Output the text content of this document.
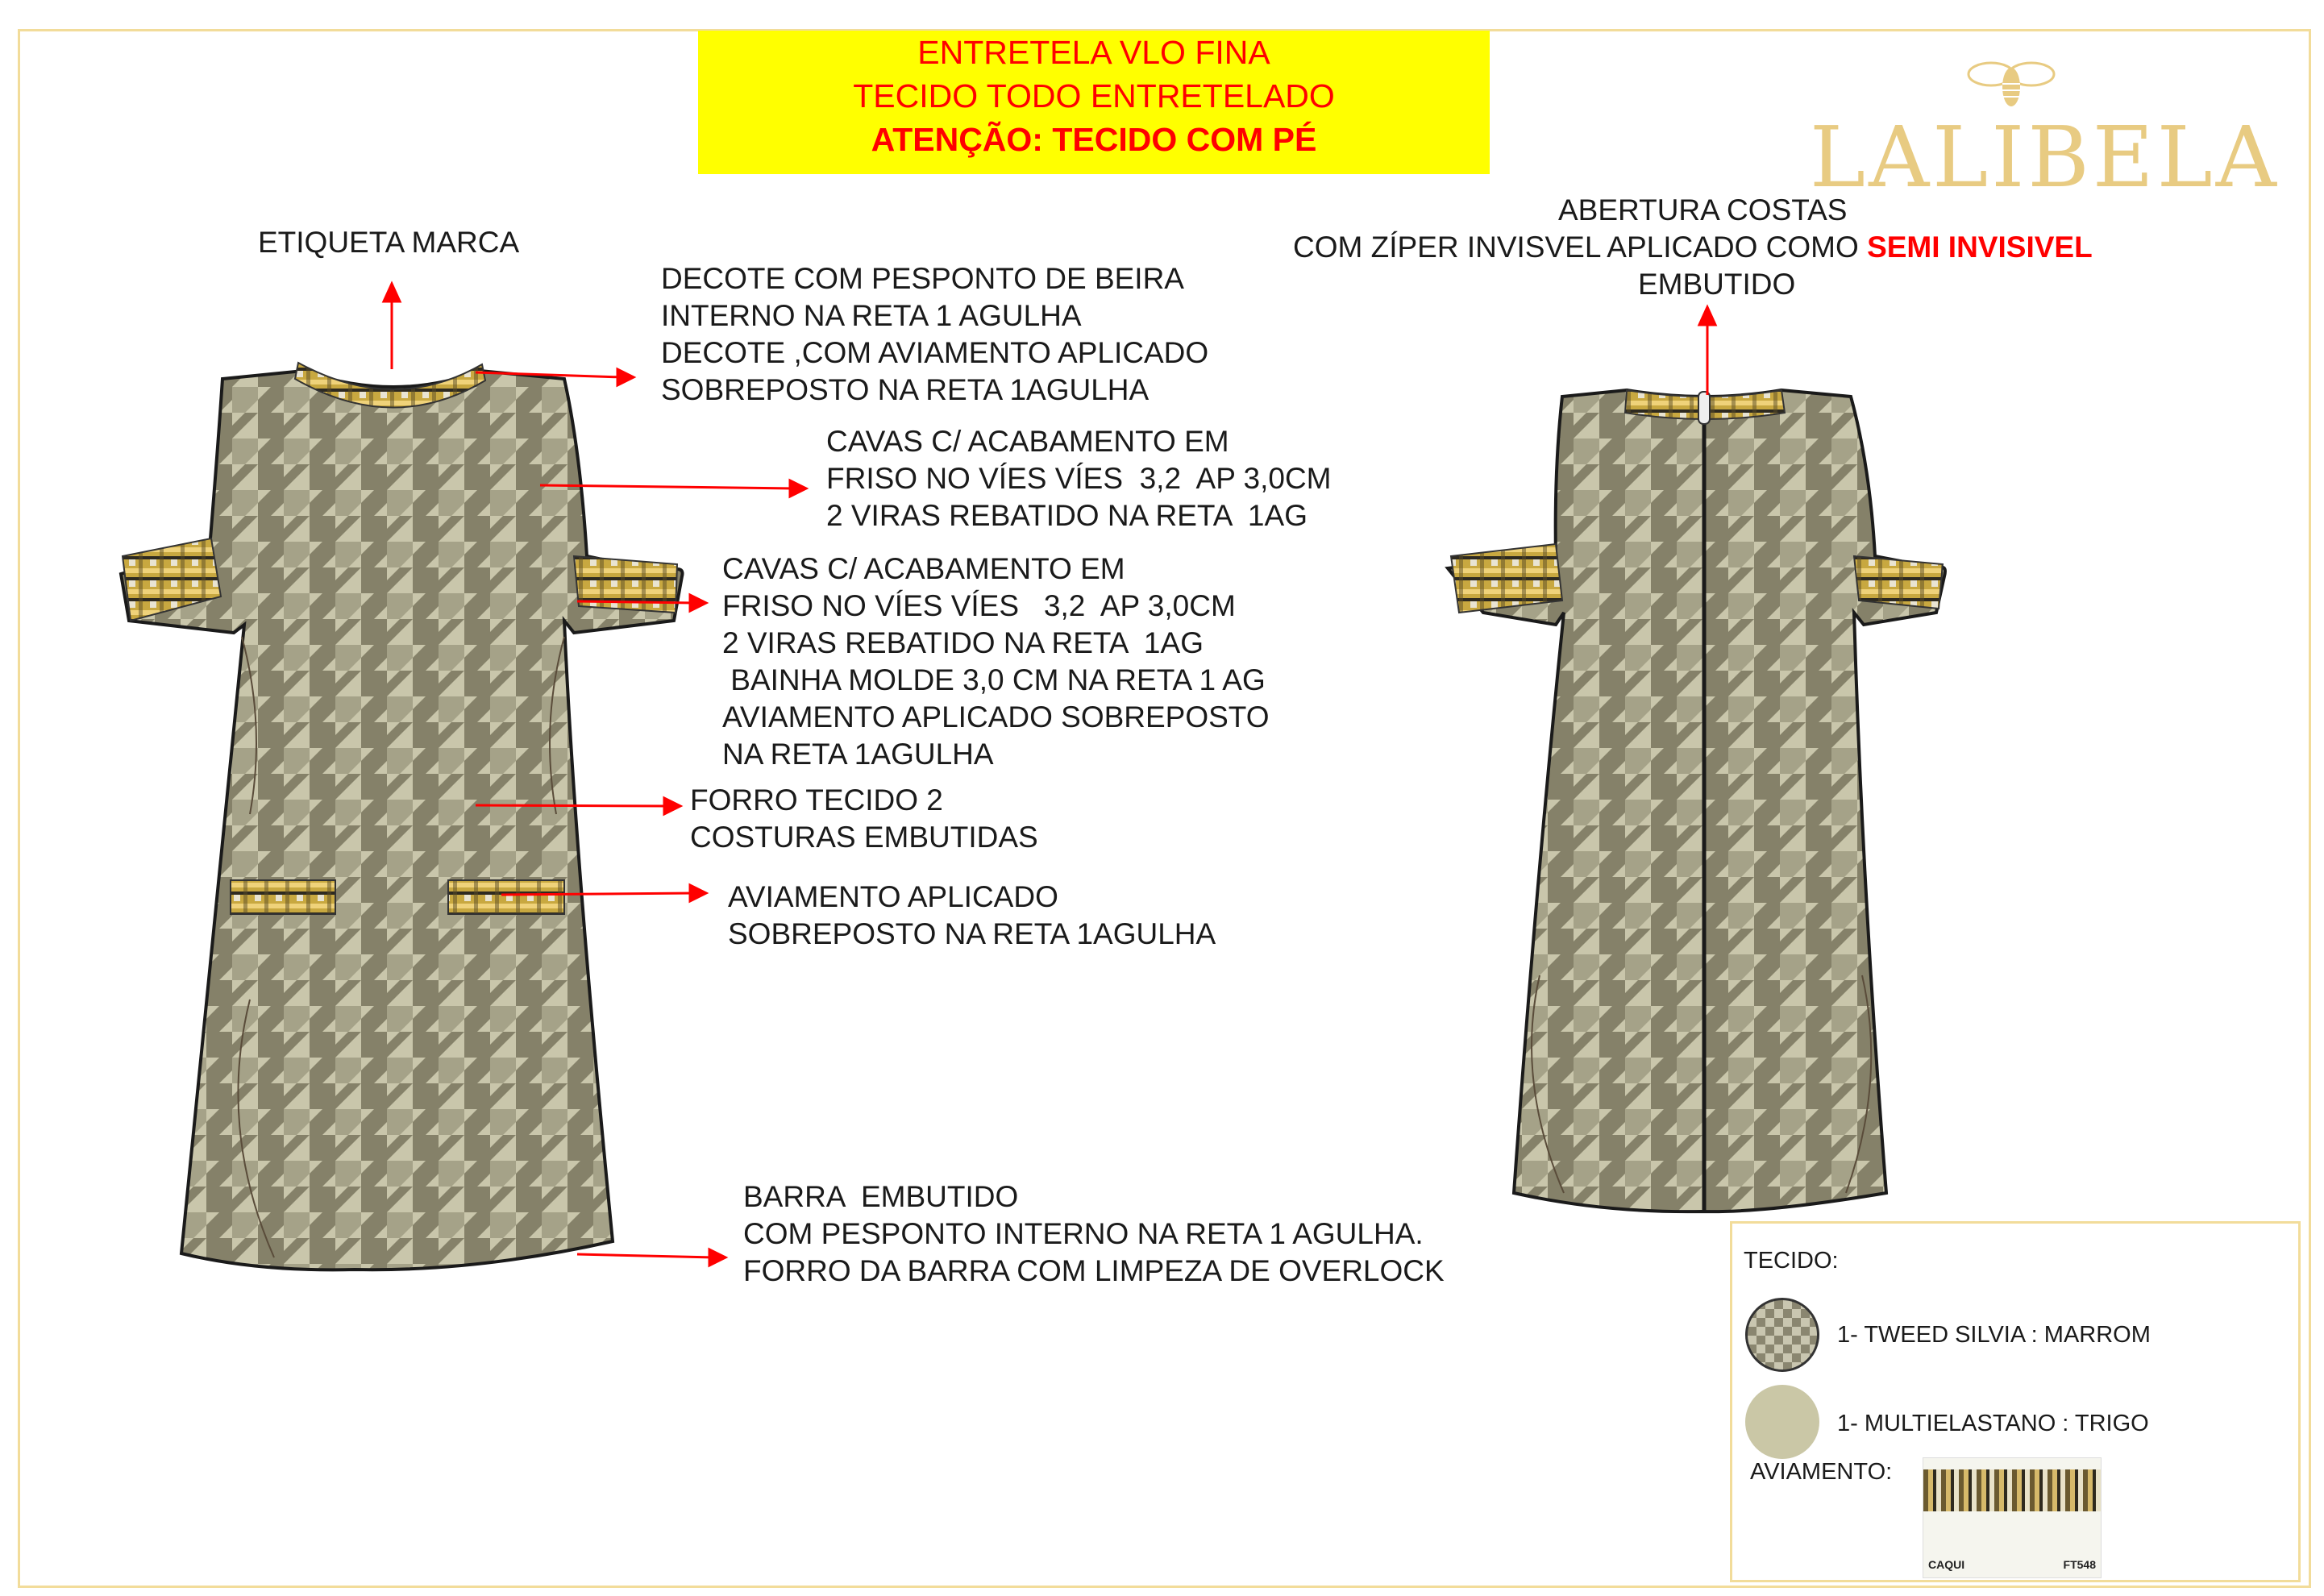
ENTRETELA VLO FINA
TECIDO TODO ENTRETELADO
ATENÇÃO: TECIDO COM PÉ	LALIBELA
ETIQUETA MARCA
DECOTE COM PESPONTO DE BEIRA
INTERNO NA RETA 1 AGULHA
DECOTE ,COM AVIAMENTO APLICADO
SOBREPOSTO NA RETA 1AGULHA
CAVAS C/ ACABAMENTO EM
FRISO NO VÍES VÍES  3,2  AP 3,0CM
2 VIRAS REBATIDO NA RETA  1AG
CAVAS C/ ACABAMENTO EM
FRISO NO VÍES VÍES   3,2  AP 3,0CM
2 VIRAS REBATIDO NA RETA  1AG
BAINHA MOLDE 3,0 CM NA RETA 1 AG
AVIAMENTO APLICADO SOBREPOSTO
NA RETA 1AGULHA
FORRO TECIDO 2
COSTURAS EMBUTIDAS
AVIAMENTO APLICADO
SOBREPOSTO NA RETA 1AGULHA
BARRA  EMBUTIDO
COM PESPONTO INTERNO NA RETA 1 AGULHA.
FORRO DA BARRA COM LIMPEZA DE OVERLOCK
ABERTURA COSTAS
COM ZÍPER INVISVEL APLICADO COMO SEMI INVISIVEL
EMBUTIDO
TECIDO:
1- TWEED SILVIA : MARROM
1- MULTIELASTANO : TRIGO
AVIAMENTO:
CAQUI	FT548
